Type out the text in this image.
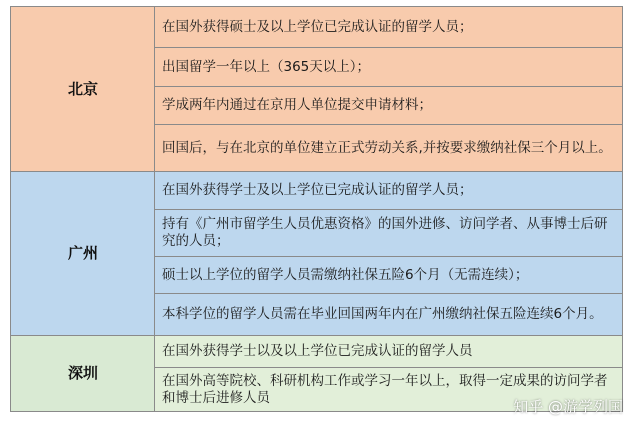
北京	在国外获得硕士及以上学位已完成认证的留学人员；
	出国留学一年以上（365天以上）；
	学成两年内通过在京用人单位提交申请材料；
	回国后，与在北京的单位建立正式劳动关系,并按要求缴纳社保三个月以上。
广州	在国外获得学士及以上学位已完成认证的留学人员；
	持有《广州市留学生人员优惠资格》的国外进修、访问学者、从事博士后研究的人员；
	硕士以上学位的留学人员需缴纳社保五险6个月（无需连续）；
	本科学位的留学人员需在毕业回国两年内在广州缴纳社保五险连续6个月。
深圳	在国外获得学士以及以上学位已完成认证的留学人员
	在国外高等院校、科研机构工作或学习一年以上，取得一定成果的访问学者和博士后进修人员
知乎 @游学列国
